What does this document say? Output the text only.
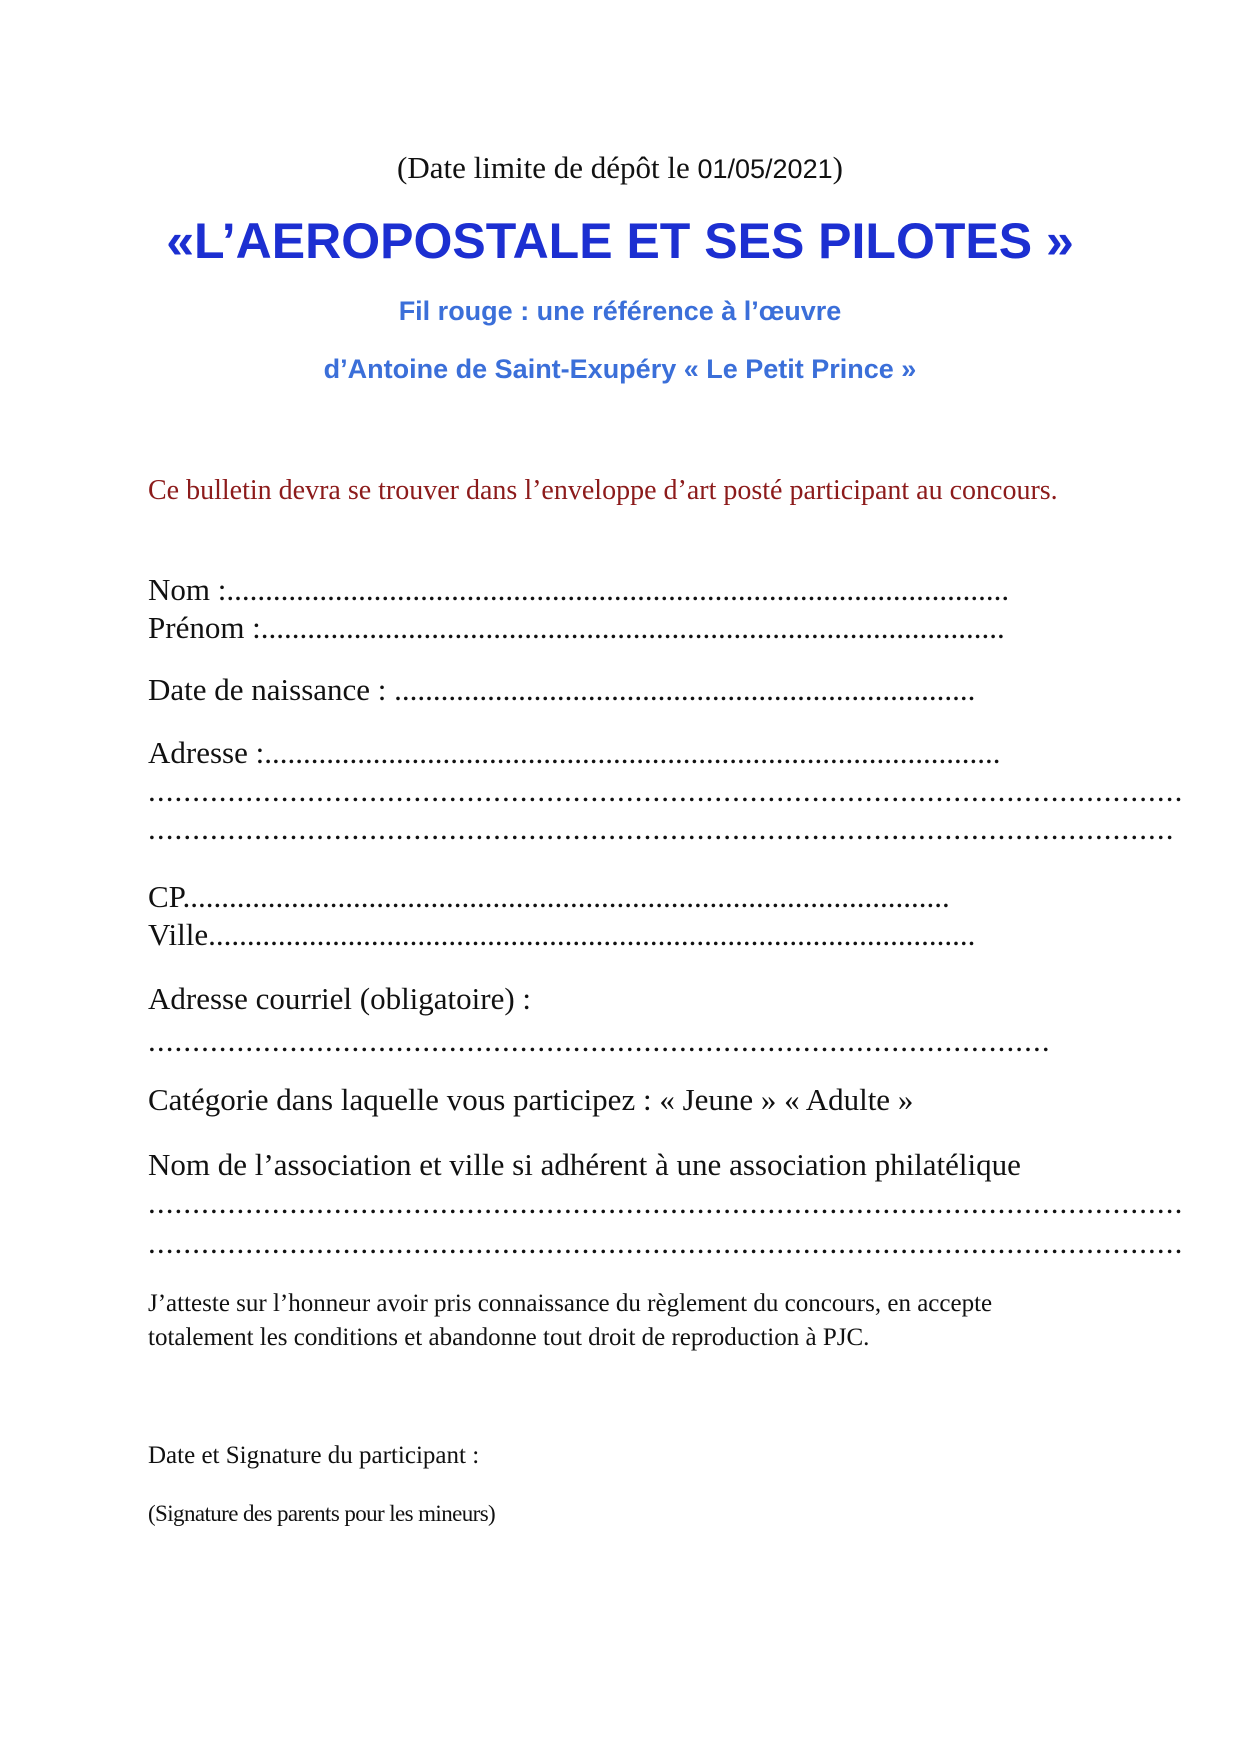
(Date limite de dépôt le 01/05/2021)
«L’AEROPOSTALE ET SES PILOTES »
Fil rouge : une référence à l’œuvre
d’Antoine de Saint-Exupéry « Le Petit Prince »
Ce bulletin devra se trouver dans l’enveloppe d’art posté participant au concours.
Nom :.....................................................................................................
Prénom :................................................................................................
Date de naissance : ...........................................................................
Adresse :...............................................................................................
.....................................................................................................................
....................................................................................................................
CP...................................................................................................
Ville...................................................................................................
Adresse courriel (obligatoire) :
......................................................................................................
Catégorie dans laquelle vous participez : « Jeune » « Adulte »
Nom de l’association et ville si adhérent à une association philatélique
.....................................................................................................................
.....................................................................................................................
J’atteste sur l’honneur avoir pris connaissance du règlement du concours, en accepte totalement les conditions et abandonne tout droit de reproduction à PJC.
Date et Signature du participant :
(Signature des parents pour les mineurs)
